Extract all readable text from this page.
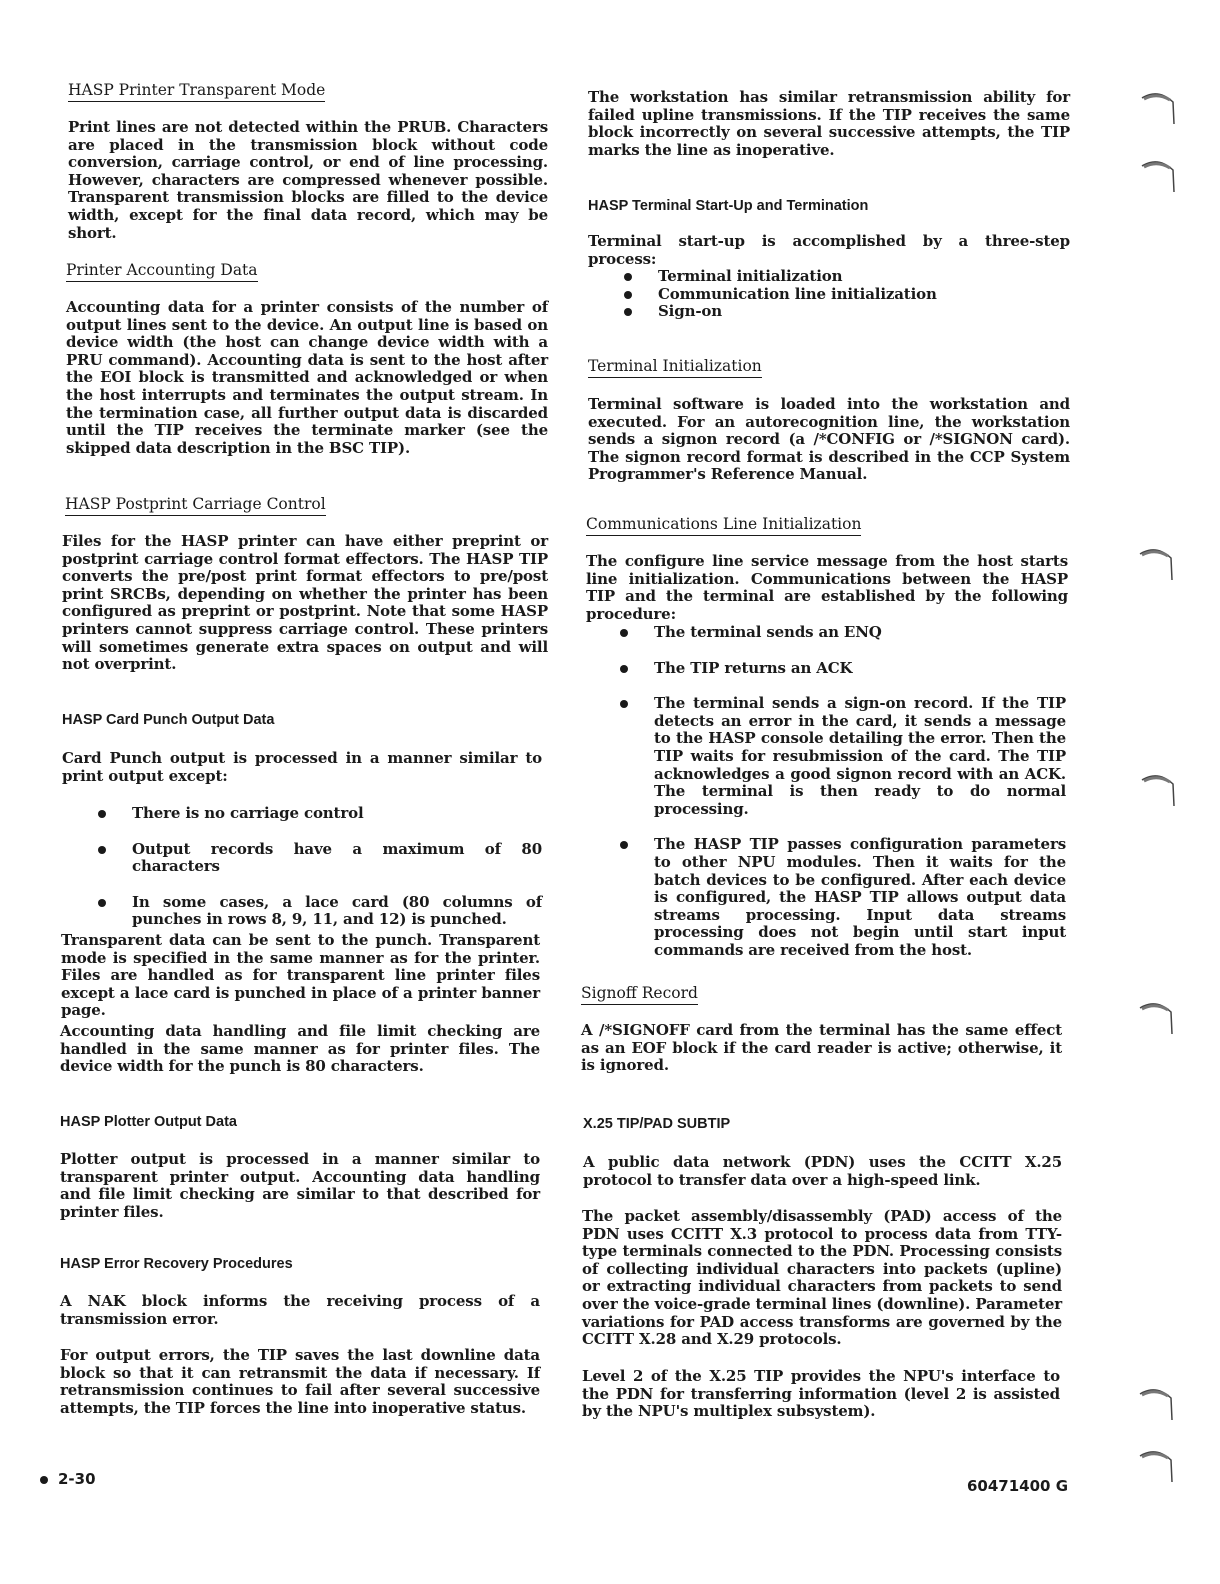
HASP Printer Transparent Mode

Print lines are not detected within the PRUB. Characters are placed in the transmission block without code conversion, carriage control, or end of line processing. However, characters are compressed whenever possible. Transparent transmission blocks are filled to the device width, except for the final data record, which may be short.

Printer Accounting Data

Accounting data for a printer consists of the number of output lines sent to the device. An output line is based on device width (the host can change device width with a PRU command). Accounting data is sent to the host after the EOI block is transmitted and acknowledged or when the host interrupts and terminates the output stream. In the termination case, all further output data is discarded until the TIP receives the terminate marker (see the skipped data description in the BSC TIP).

HASP Postprint Carriage Control

Files for the HASP printer can have either preprint or postprint carriage control format effectors. The HASP TIP converts the pre/post print format effectors to pre/post print SRCBs, depending on whether the printer has been configured as preprint or postprint. Note that some HASP printers cannot suppress carriage control. These printers will sometimes generate extra spaces on output and will not overprint.

HASP Card Punch Output Data

Card Punch output is processed in a manner similar to print output except:

There is no carriage control
Output records have a maximum of 80 characters
In some cases, a lace card (80 columns of punches in rows 8, 9, 11, and 12) is punched.

Transparent data can be sent to the punch. Transparent mode is specified in the same manner as for the printer. Files are handled as for transparent line printer files except a lace card is punched in place of a printer banner page.

Accounting data handling and file limit checking are handled in the same manner as for printer files. The device width for the punch is 80 characters.

HASP Plotter Output Data

Plotter output is processed in a manner similar to transparent printer output. Accounting data handling and file limit checking are similar to that described for printer files.

HASP Error Recovery Procedures

A NAK block informs the receiving process of a transmission error.

For output errors, the TIP saves the last downline data block so that it can retransmit the data if necessary. If retransmission continues to fail after several successive attempts, the TIP forces the line into inoperative status.

The workstation has similar retransmission ability for failed upline transmissions. If the TIP receives the same block incorrectly on several successive attempts, the TIP marks the line as inoperative.

HASP Terminal Start-Up and Termination

Terminal start-up is accomplished by a three-step process:

Terminal initialization
Communication line initialization
Sign-on
Terminal Initialization

Terminal software is loaded into the workstation and executed. For an autorecognition line, the workstation sends a signon record (a /*CONFIG or /*SIGNON card). The signon record format is described in the CCP System Programmer's Reference Manual.

Communications Line Initialization

The configure line service message from the host starts line initialization. Communications between the HASP TIP and the terminal are established by the following procedure:

The terminal sends an ENQ
The TIP returns an ACK
The terminal sends a sign-on record. If the TIP detects an error in the card, it sends a message to the HASP console detailing the error. Then the TIP waits for resubmission of the card. The TIP acknowledges a good signon record with an ACK. The terminal is then ready to do normal processing.
The HASP TIP passes configuration parameters to other NPU modules. Then it waits for the batch devices to be configured. After each device is configured, the HASP TIP allows output data streams processing. Input data streams processing does not begin until start input commands are received from the host.
Signoff Record

A /*SIGNOFF card from the terminal has the same effect as an EOF block if the card reader is active; otherwise, it is ignored.

X.25 TIP/PAD SUBTIP

A public data network (PDN) uses the CCITT X.25 protocol to transfer data over a high-speed link.

The packet assembly/disassembly (PAD) access of the PDN uses CCITT X.3 protocol to process data from TTY-type terminals connected to the PDN. Processing consists of collecting individual characters into packets (upline) or extracting individual characters from packets to send over the voice-grade terminal lines (downline). Parameter variations for PAD access transforms are governed by the CCITT X.28 and X.29 protocols.

Level 2 of the X.25 TIP provides the NPU's interface to the PDN for transferring information (level 2 is assisted by the NPU's multiplex subsystem).

2-30	60471400 G
